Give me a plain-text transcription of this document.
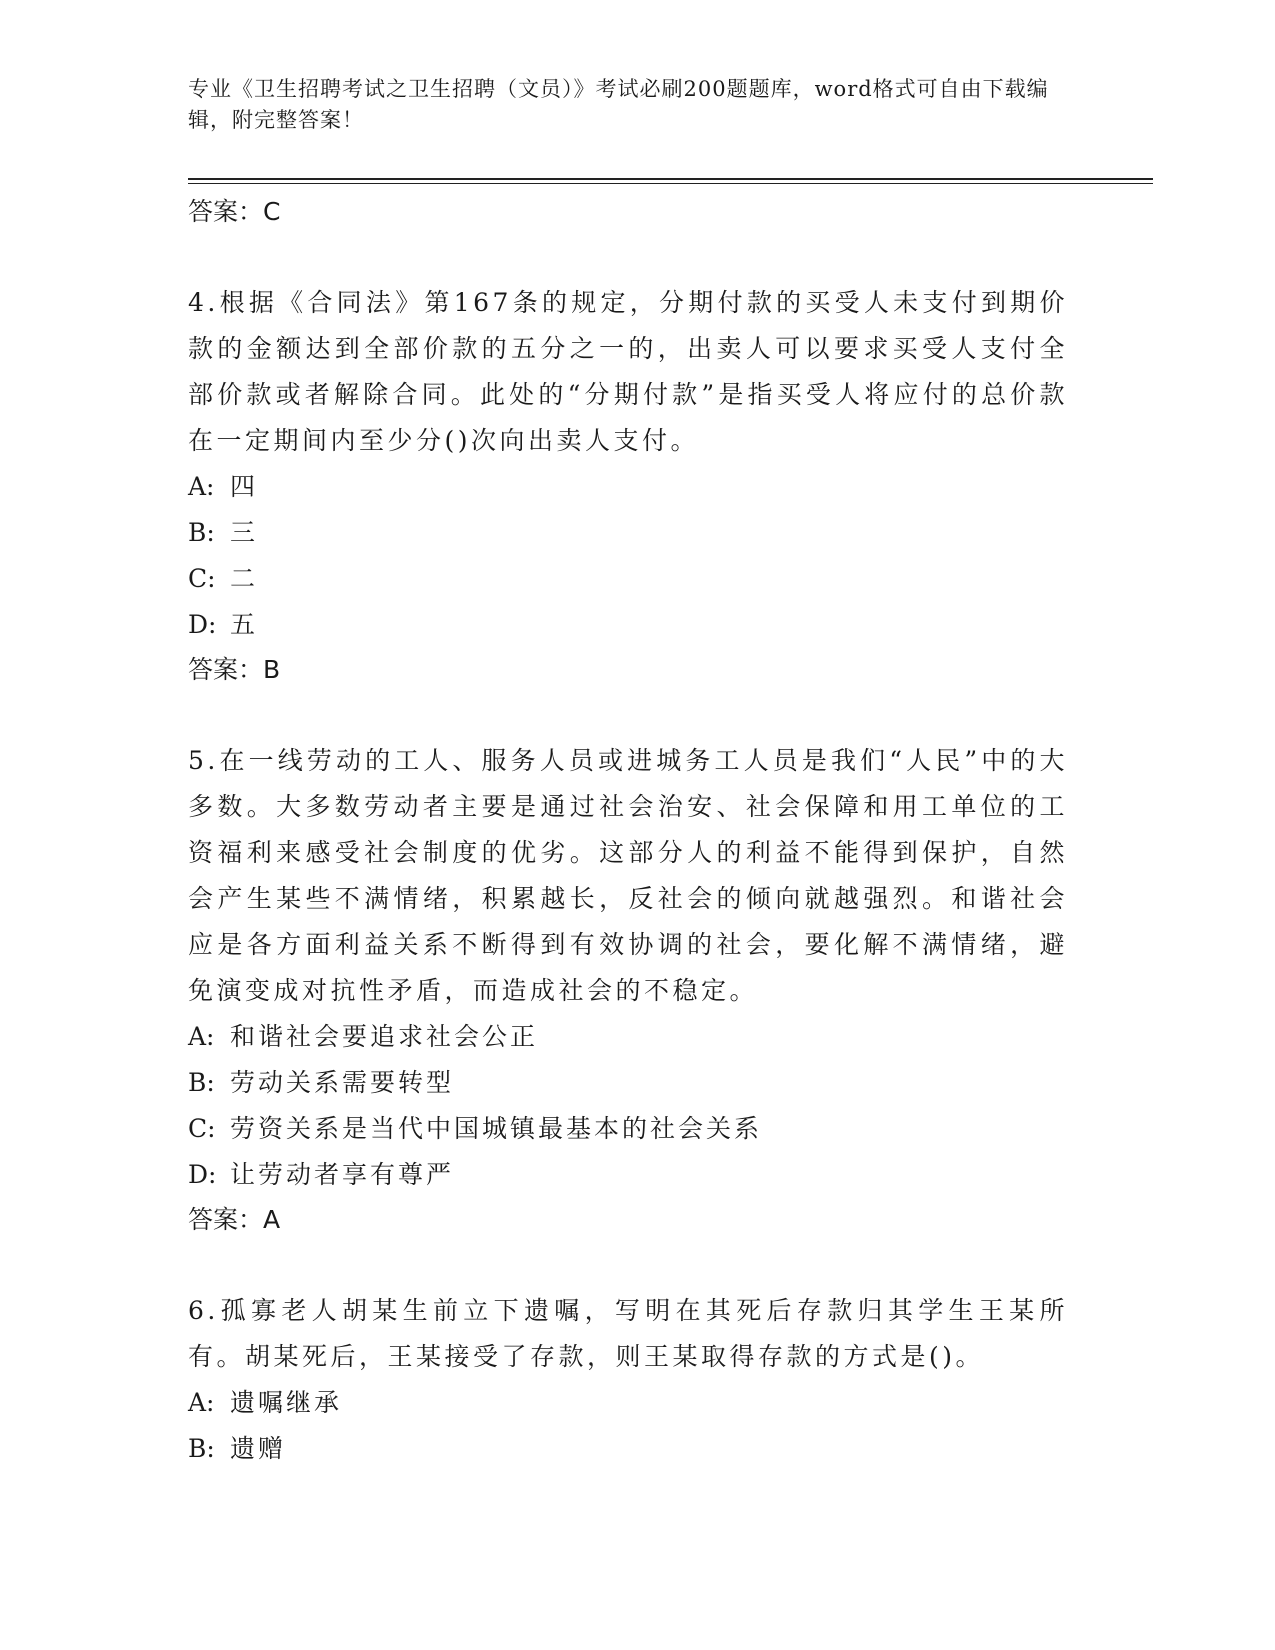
专业《卫生招聘考试之卫生招聘（文员）》考试必刷200题题库，word格式可自由下载编辑，附完整答案！
答案：C

4.根据《合同法》第167条的规定，分期付款的买受人未支付到期价款的金额达到全部价款的五分之一的，出卖人可以要求买受人支付全部价款或者解除合同。此处的“分期付款”是指买受人将应付的总价款在一定期间内至少分()次向出卖人支付。

A: 四
B: 三
C: 二
D: 五
答案：B

5.在一线劳动的工人、服务人员或进城务工人员是我们“人民”中的大多数。大多数劳动者主要是通过社会治安、社会保障和用工单位的工资福利来感受社会制度的优劣。这部分人的利益不能得到保护，自然会产生某些不满情绪，积累越长，反社会的倾向就越强烈。和谐社会应是各方面利益关系不断得到有效协调的社会，要化解不满情绪，避免演变成对抗性矛盾，而造成社会的不稳定。

A: 和谐社会要追求社会公正
B: 劳动关系需要转型
C: 劳资关系是当代中国城镇最基本的社会关系
D: 让劳动者享有尊严
答案：A

6.孤寡老人胡某生前立下遗嘱，写明在其死后存款归其学生王某所有。胡某死后，王某接受了存款，则王某取得存款的方式是()。

A: 遗嘱继承
B: 遗赠
